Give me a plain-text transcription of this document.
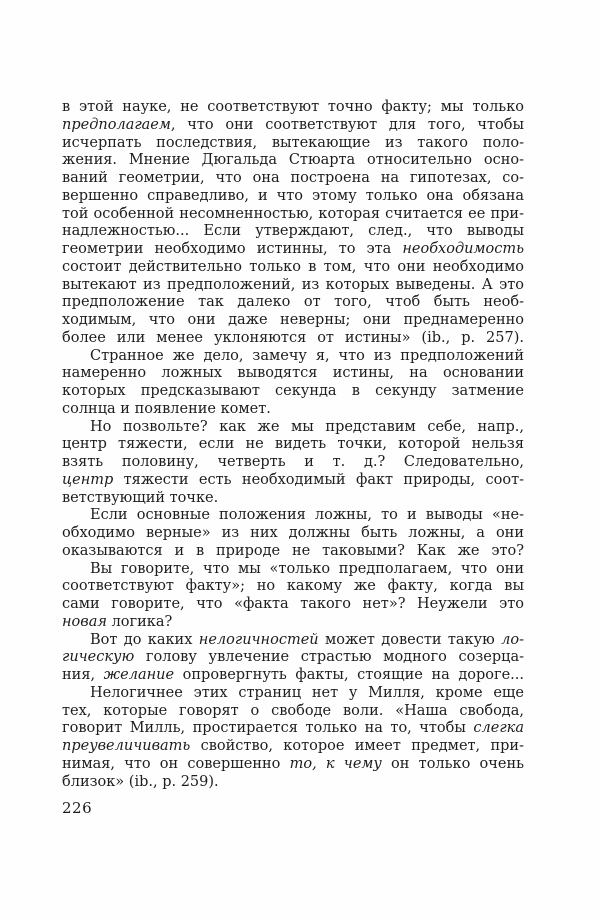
в этой науке, не соответствуют точно факту; мы только
предполагаем, что они соответствуют для того, чтобы
исчерпать последствия, вытекающие из такого поло-
жения. Мнение Дюгальда Стюарта относительно осно-
ваний геометрии, что она построена на гипотезах, со-
вершенно справедливо, и что этому только она обязана
той особенной несомненностью, которая считается ее при-
надлежностью... Если утверждают, след., что выводы
геометрии необходимо истинны, то эта необходимость
состоит действительно только в том, что они необходимо
вытекают из предположений, из которых выведены. А это
предположение так далеко от того, чтоб быть необ-
ходимым, что они даже неверны; они преднамеренно
более или менее уклоняются от истины» (ib., p. 257).
Странное же дело, замечу я, что из предположений
намеренно ложных выводятся истины, на основании
которых предсказывают секунда в секунду затмение
солнца и появление комет.
Но позвольте? как же мы представим себе, напр.,
центр тяжести, если не видеть точки, которой нельзя
взять половину, четверть и т. д.? Следовательно,
центр тяжести есть необходимый факт природы, соот-
ветствующий точке.
Если основные положения ложны, то и выводы «не-
обходимо верные» из них должны быть ложны, а они
оказываются и в природе не таковыми? Как же это?
Вы говорите, что мы «только предполагаем, что они
соответствуют факту»; но какому же факту, когда вы
сами говорите, что «факта такого нет»? Неужели это
новая логика?
Вот до каких нелогичностей может довести такую ло-
гическую голову увлечение страстью модного созерца-
ния, желание опровергнуть факты, стоящие на дороге...
Нелогичнее этих страниц нет у Милля, кроме еще
тех, которые говорят о свободе воли. «Наша свобода,
говорит Милль, простирается только на то, чтобы слегка
преувеличивать свойство, которое имеет предмет, при-
нимая, что он совершенно то, к чему он только очень
близок» (ib., p. 259).
226
